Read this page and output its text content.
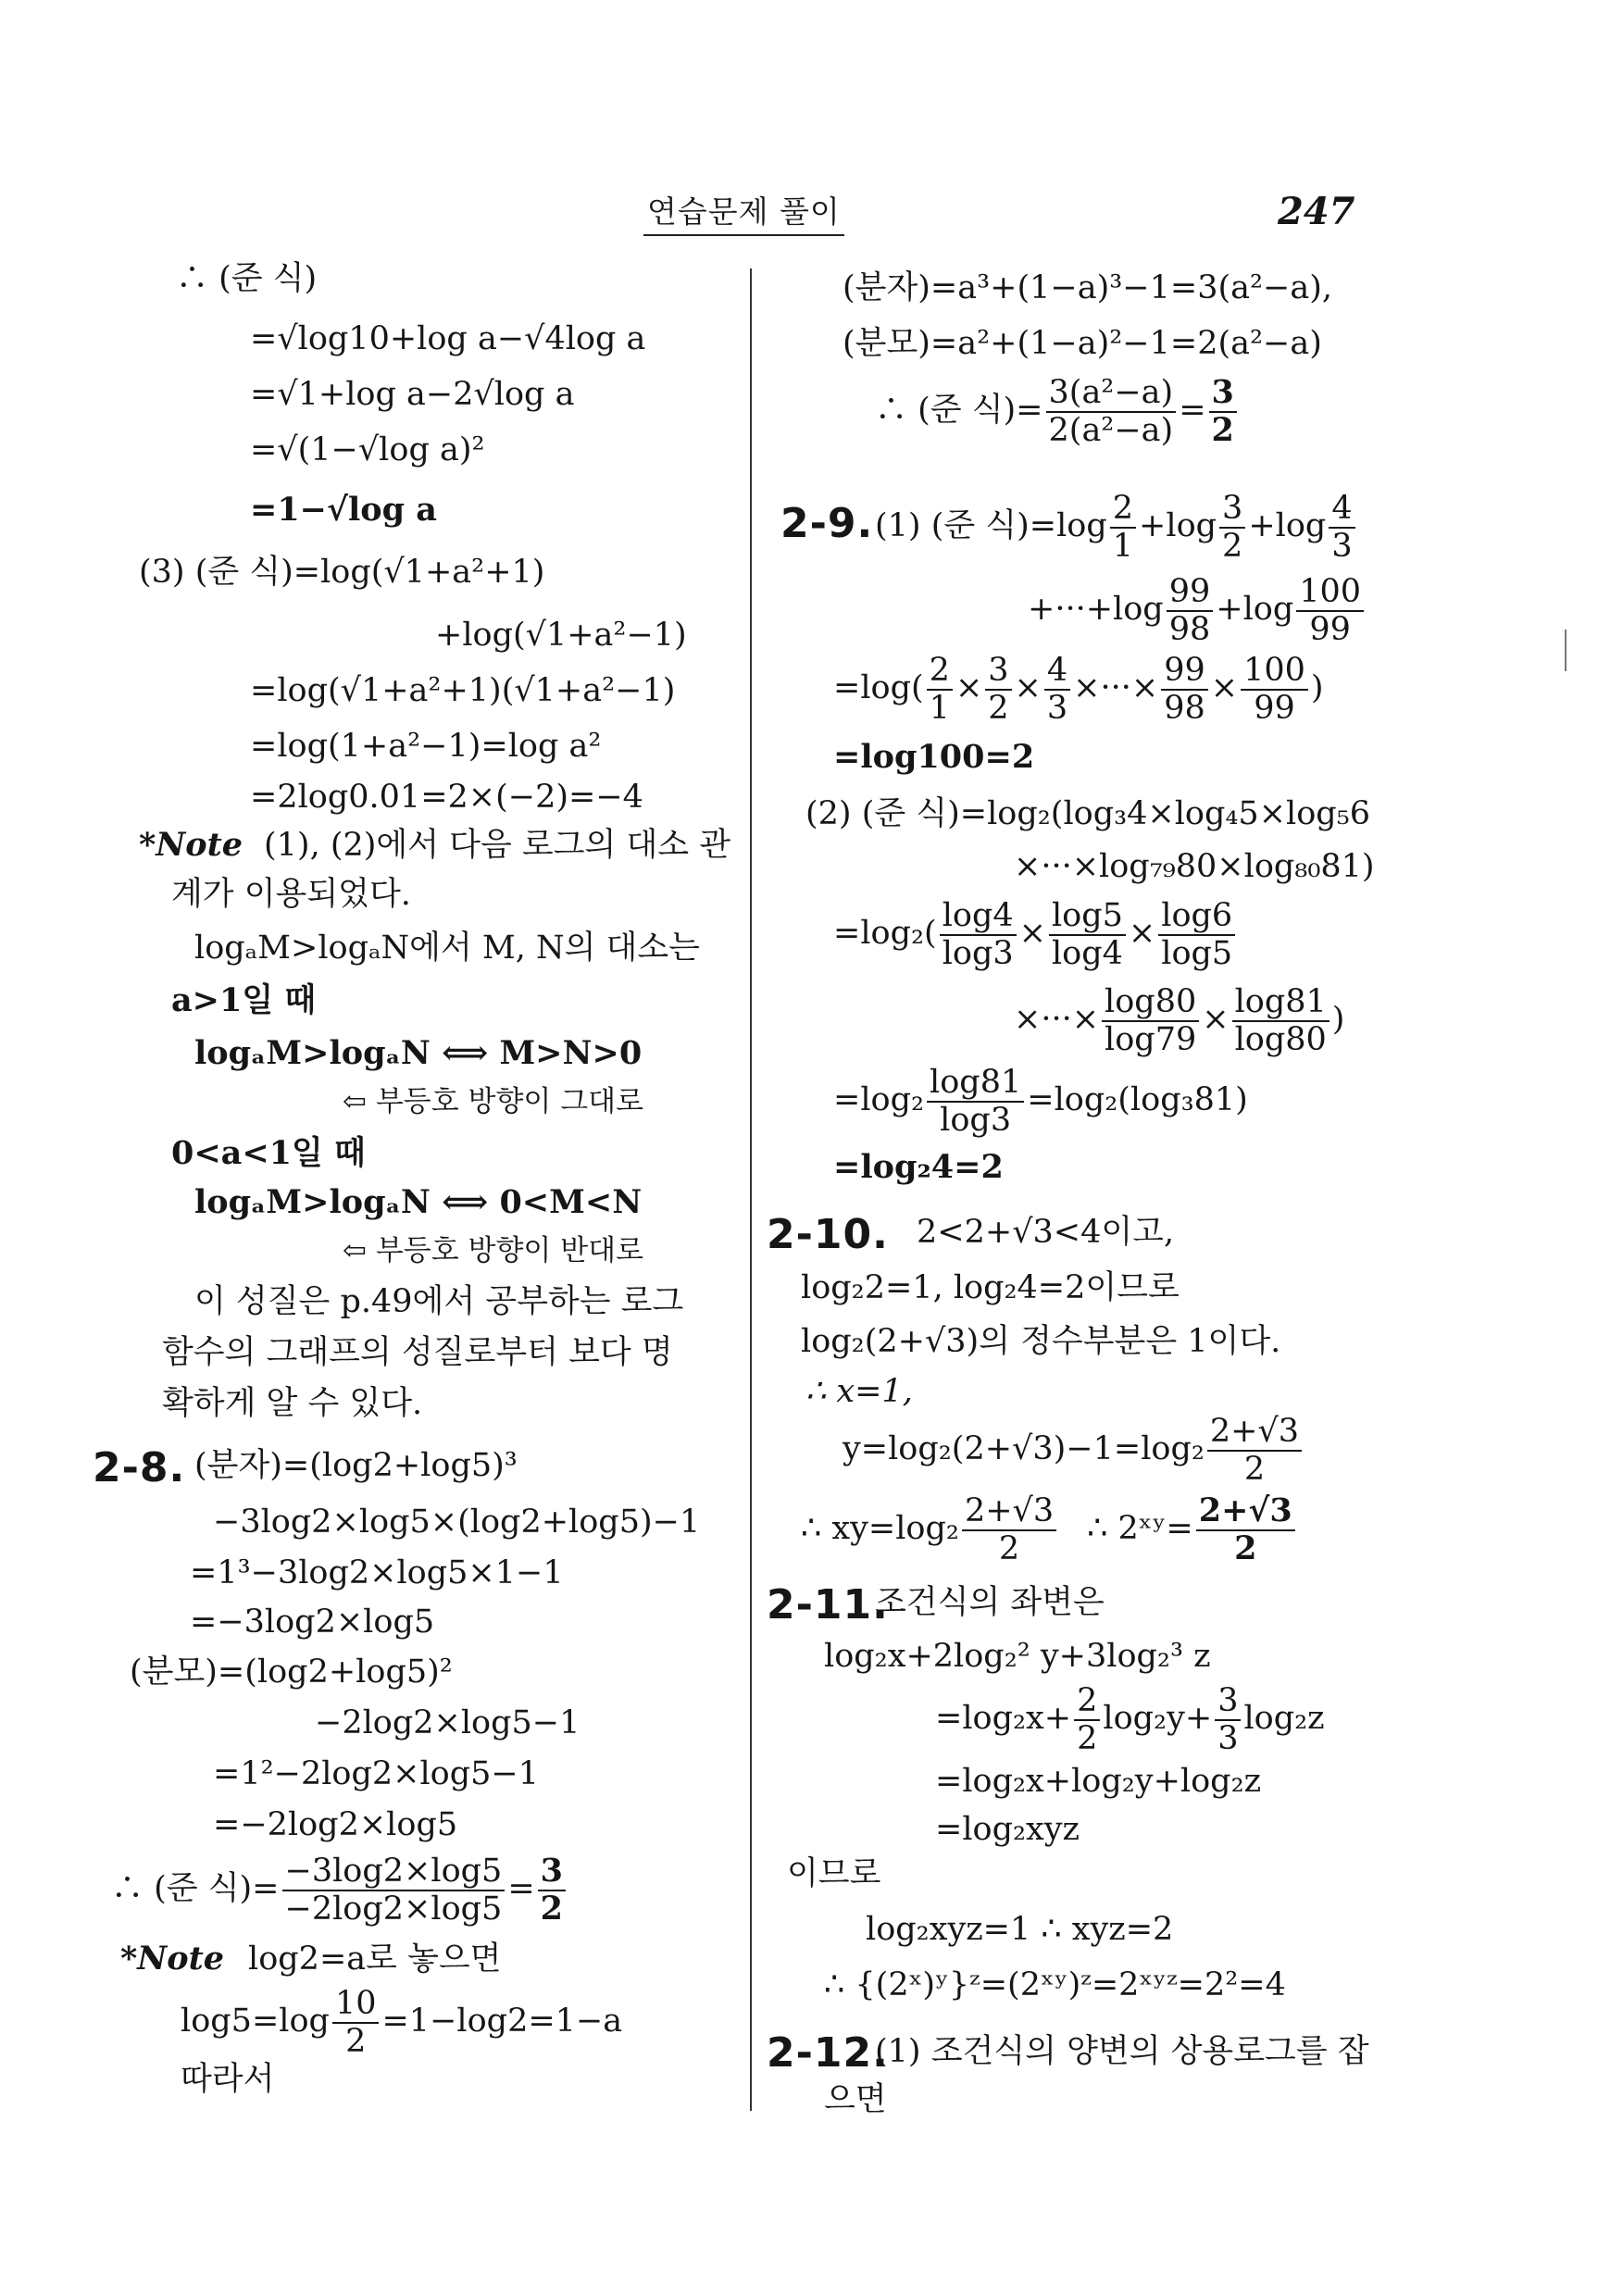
연습문제 풀이	247
∴ (준 식)
=√log10+log a−√4log a
=√1+log a−2√log a
=√(1−√log a)²
=1−√log a
(3) (준 식)=log(√1+a²+1)
+log(√1+a²−1)
=log(√1+a²+1)(√1+a²−1)
=log(1+a²−1)=log a²
=2log0.01=2×(−2)=−4
*Note (1), (2)에서 다음 로그의 대소 관
계가 이용되었다.
logₐM>logₐN에서 M, N의 대소는
a>1일 때
logₐM>logₐN ⟺ M>N>0
⇦ 부등호 방향이 그대로
0<a<1일 때
logₐM>logₐN ⟺ 0<M<N
⇦ 부등호 방향이 반대로
이 성질은 p.49에서 공부하는 로그
함수의 그래프의 성질로부터 보다 명
확하게 알 수 있다.
2-8. (분자)=(log2+log5)³
−3log2×log5×(log2+log5)−1
=1³−3log2×log5×1−1
=−3log2×log5
(분모)=(log2+log5)²
−2log2×log5−1
=1²−2log2×log5−1
=−2log2×log5
∴ (준 식)= $\frac{-3\log 2\times\log 5}{-2\log 2\times\log 5} = \frac{3}{2}$
*Note log2=a로 놓으면
$\log 5=\log \frac{10}{2} =1-\log 2=1-a$
따라서
(분자)=a³+(1−a)³−1=3(a²−a),
(분모)=a²+(1−a)²−1=2(a²−a)
∴ (준 식)= $\frac{\text{3(a²−a)}}{\text{2(a²−a)}} = \frac{3}{2}$
2-9. (1) (준 식)$=\log \frac{2}{1} +\log \frac{3}{2} +\log \frac{4}{3}$
$+\cdot\cdot\cdot+\log \frac{99}{98} +\log \frac{100}{99}$
$=\log( \frac{2}{1} \times \frac{3}{2} \times \frac{4}{3}$ ×···× $\frac{99}{98} \times \frac{100}{99}$ )
=log100=2
(2) (준 식)=log₂(log₃4×log₄5×log₅6
×···×log₇₉80×log₈₀81)
$=\log_2( \frac{\log 4}{\log 3} \times \frac{\log 5}{\log 4} \times \frac{\log 6}{\log 5}$
×···× $\frac{\log 80}{\log 79} \times \frac{\log 81}{\log 80}$ )
$=\log_2 \frac{\log 81}{\log 3} =\log_2(\log_381)$
=log₂4=2
2-10. 2<2+√3<4이고,
log₂2=1, log₂4=2이므로
log₂(2+√3)의 정수부분은 1이다.
∴ x=1,
$y=\log_2(2+√3)-1=\log_2 \frac{2+√3}{2}$
∴ $xy=\log_2 \frac{2+√3}{2}$ ∴ 2ˣʸ= $\frac{2+√3}{2}$
2-11.
조건식의 좌변은
log₂x+2log₂² y+3log₂³ z
$=\log_2x+ \frac{2}{2} \log_2y+ \frac{3}{3} \log_2z$
=log₂x+log₂y+log₂z
=log₂xyz
이므로
log₂xyz=1 ∴ xyz=2
∴ {(2ˣ)ʸ}ᶻ=(2ˣʸ)ᶻ=2ˣʸᶻ=2²=4
2-12.
(1) 조건식의 양변의 상용로그를 잡
으면
